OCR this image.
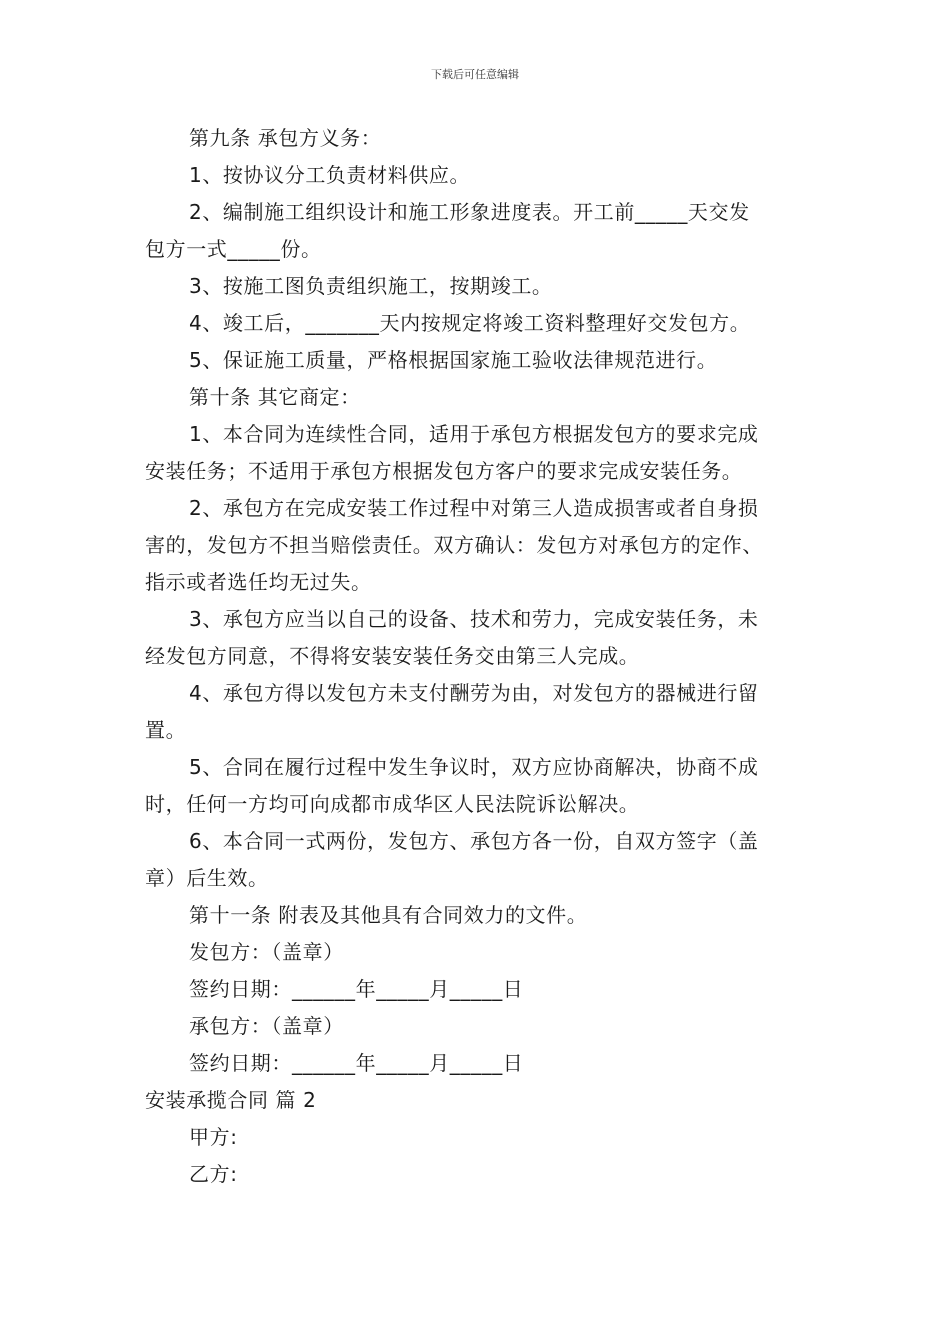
下载后可任意编辑
第九条 承包方义务：
1、按协议分工负责材料供应。
2、编制施工组织设计和施工形象进度表。开工前_____天交发
包方一式_____份。
3、按施工图负责组织施工，按期竣工。
4、竣工后，_______天内按规定将竣工资料整理好交发包方。
5、保证施工质量，严格根据国家施工验收法律规范进行。
第十条 其它商定：
1、本合同为连续性合同，适用于承包方根据发包方的要求完成
安装任务；不适用于承包方根据发包方客户的要求完成安装任务。
2、承包方在完成安装工作过程中对第三人造成损害或者自身损
害的，发包方不担当赔偿责任。双方确认：发包方对承包方的定作、
指示或者选任均无过失。
3、承包方应当以自己的设备、技术和劳力，完成安装任务，未
经发包方同意，不得将安装安装任务交由第三人完成。
4、承包方得以发包方未支付酬劳为由，对发包方的器械进行留
置。
5、合同在履行过程中发生争议时，双方应协商解决，协商不成
时，任何一方均可向成都市成华区人民法院诉讼解决。
6、本合同一式两份，发包方、承包方各一份，自双方签字（盖
章）后生效。
第十一条 附表及其他具有合同效力的文件。
发包方：（盖章）
签约日期：______年_____月_____日
承包方：（盖章）
签约日期：______年_____月_____日
安装承揽合同 篇 2
甲方:
乙方:
